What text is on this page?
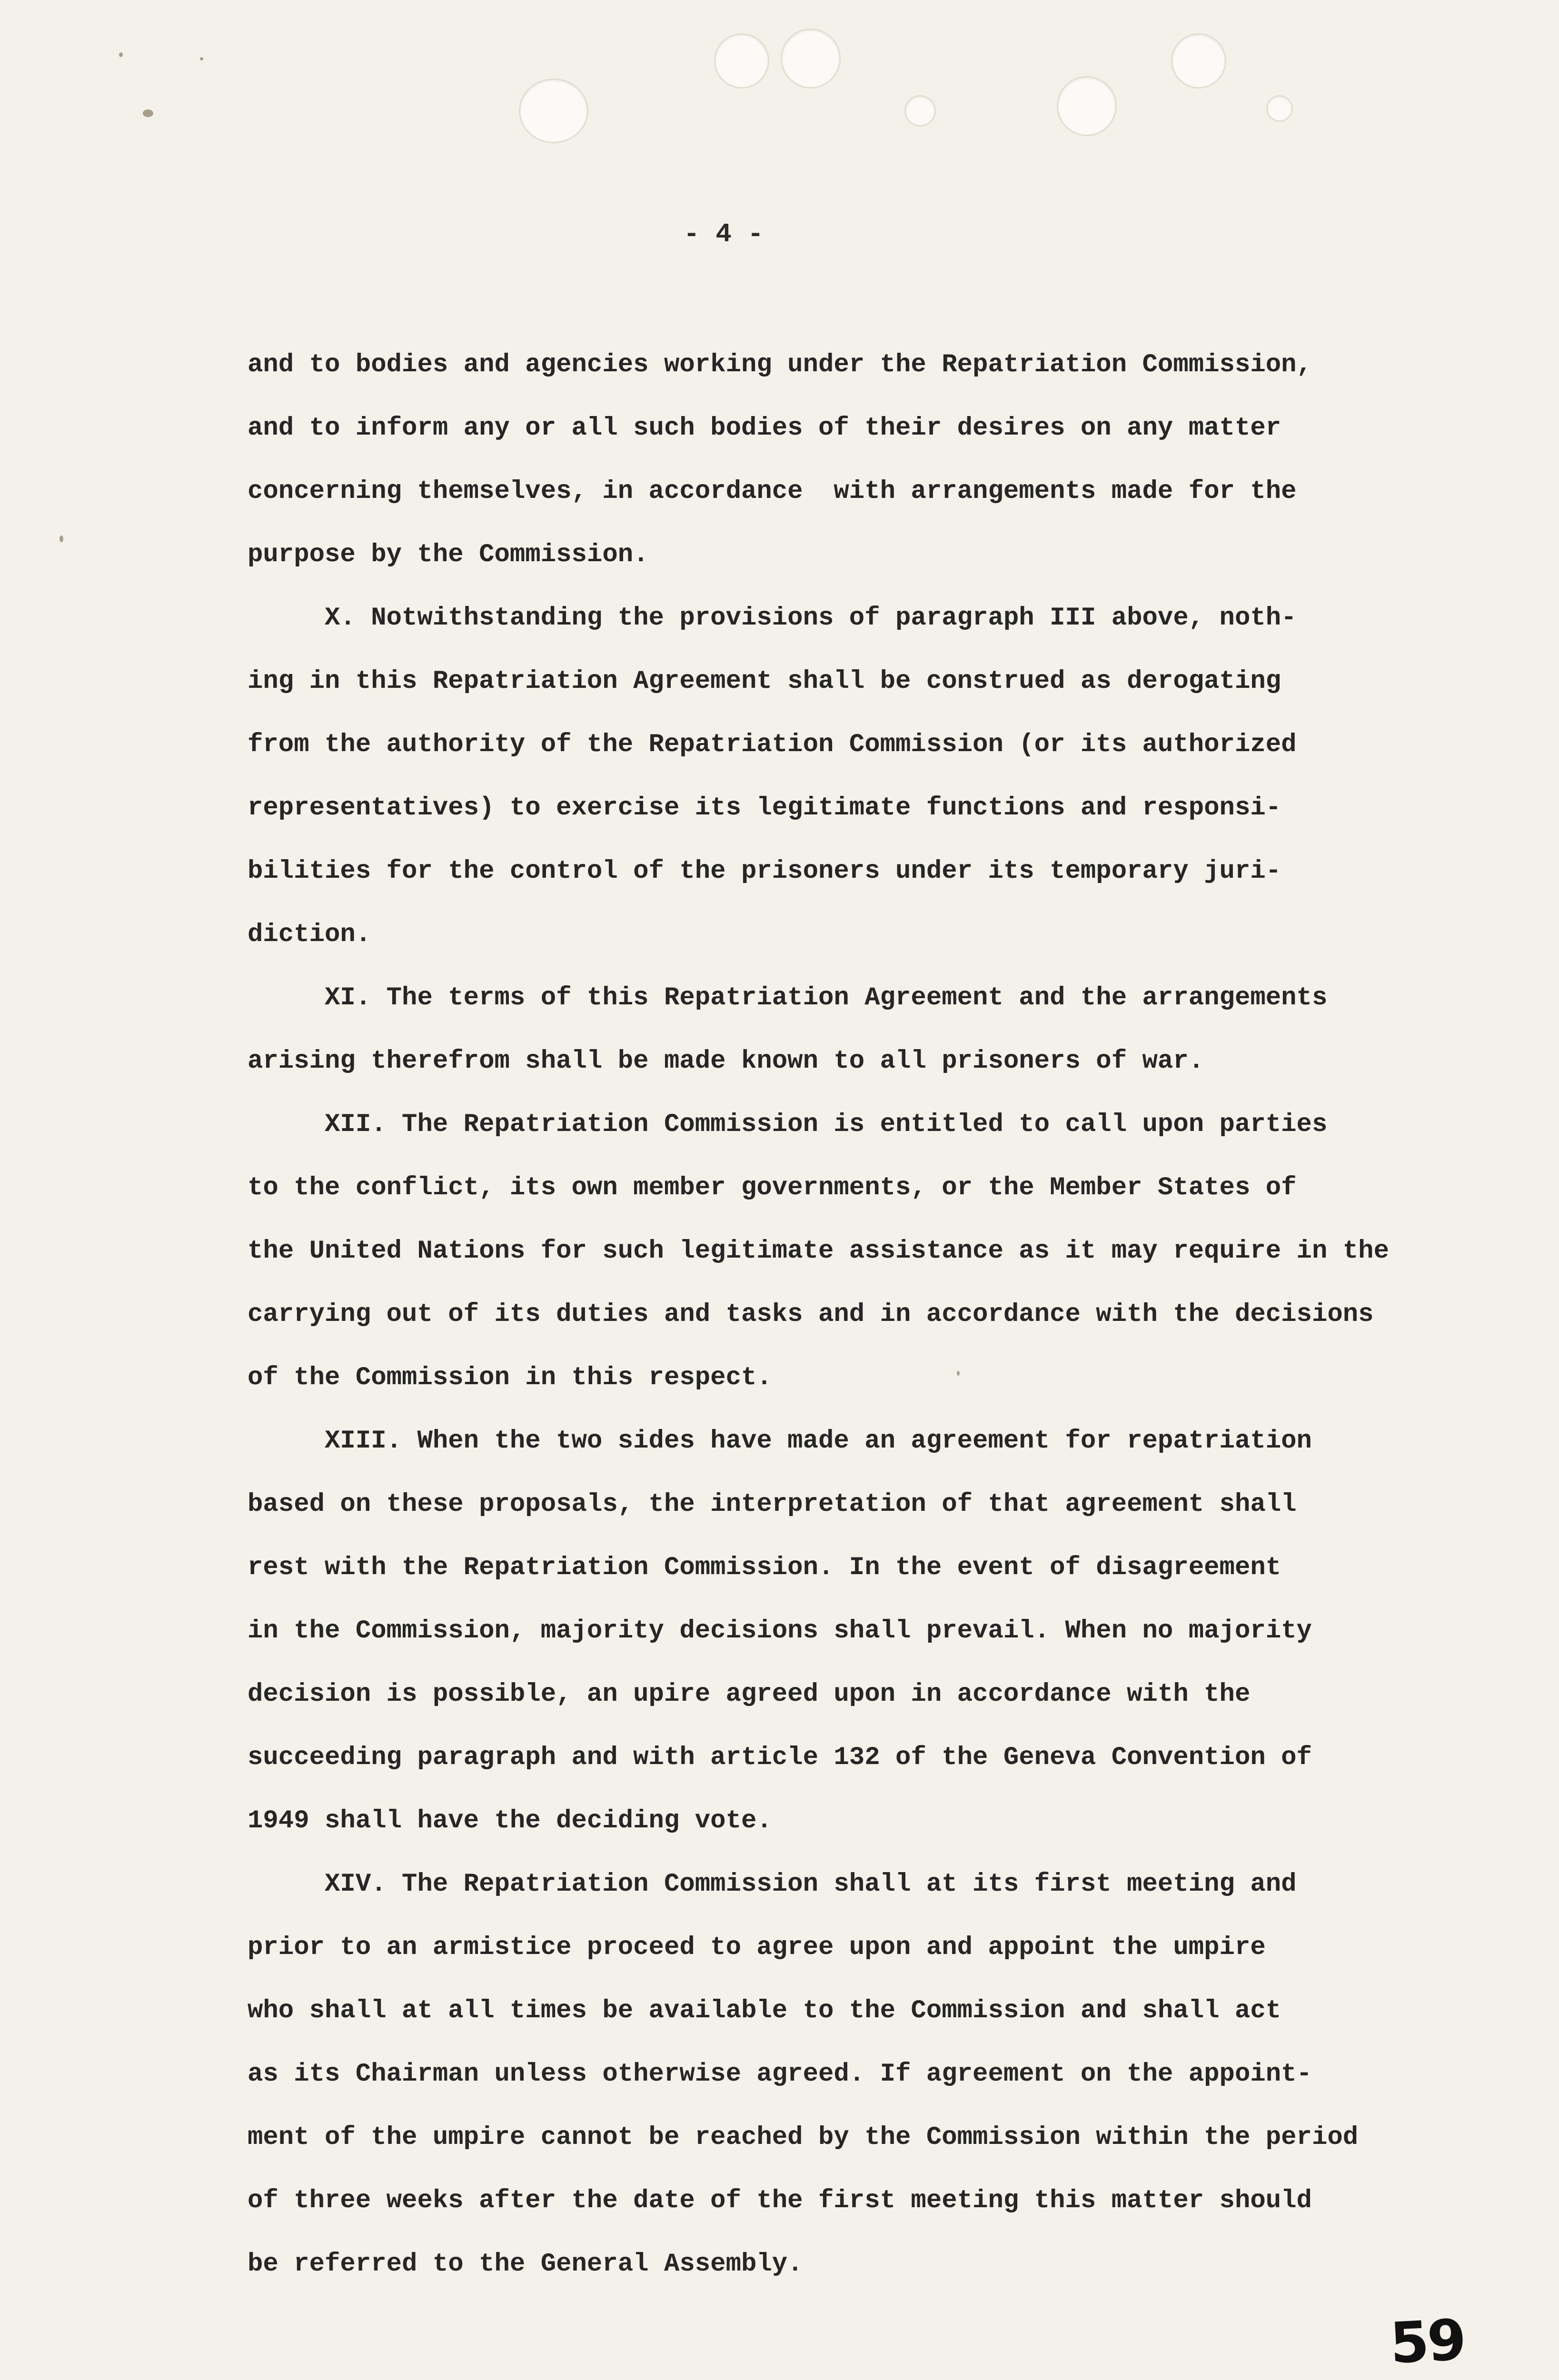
- 4 -
and to bodies and agencies working under the Repatriation Commission,
and to inform any or all such bodies of their desires on any matter
concerning themselves, in accordance  with arrangements made for the
purpose by the Commission.
X. Notwithstanding the provisions of paragraph III above, noth-
ing in this Repatriation Agreement shall be construed as derogating
from the authority of the Repatriation Commission (or its authorized
representatives) to exercise its legitimate functions and responsi-
bilities for the control of the prisoners under its temporary juri-
diction.
XI. The terms of this Repatriation Agreement and the arrangements
arising therefrom shall be made known to all prisoners of war.
XII. The Repatriation Commission is entitled to call upon parties
to the conflict, its own member governments, or the Member States of
the United Nations for such legitimate assistance as it may require in the
carrying out of its duties and tasks and in accordance with the decisions
of the Commission in this respect.
XIII. When the two sides have made an agreement for repatriation
based on these proposals, the interpretation of that agreement shall
rest with the Repatriation Commission. In the event of disagreement
in the Commission, majority decisions shall prevail. When no majority
decision is possible, an upire agreed upon in accordance with the
succeeding paragraph and with article 132 of the Geneva Convention of
1949 shall have the deciding vote.
XIV. The Repatriation Commission shall at its first meeting and
prior to an armistice proceed to agree upon and appoint the umpire
who shall at all times be available to the Commission and shall act
as its Chairman unless otherwise agreed. If agreement on the appoint-
ment of the umpire cannot be reached by the Commission within the period
of three weeks after the date of the first meeting this matter should
be referred to the General Assembly.
59
